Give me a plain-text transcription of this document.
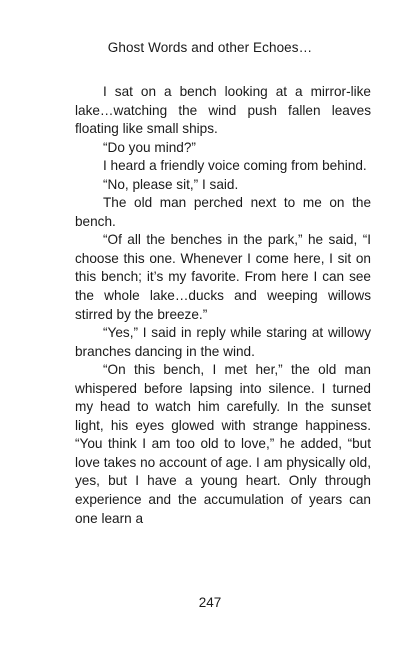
Ghost Words and other Echoes…

I sat on a bench looking at a mirror-like lake…watching the wind push fallen leaves floating like small ships.

“Do you mind?”

I heard a friendly voice coming from behind.

“No, please sit,” I said.

The old man perched next to me on the bench.

“Of all the benches in the park,” he said, “I choose this one. Whenever I come here, I sit on this bench; it’s my favorite. From here I can see the whole lake…ducks and weeping willows stirred by the breeze.”

“Yes,” I said in reply while staring at willowy branches dancing in the wind.

“On this bench, I met her,” the old man whispered before lapsing into silence. I turned my head to watch him carefully. In the sunset light, his eyes glowed with strange happiness. “You think I am too old to love,” he added, “but love takes no account of age. I am physically old, yes, but I have a young heart. Only through experience and the accumulation of years can one learn a

247
